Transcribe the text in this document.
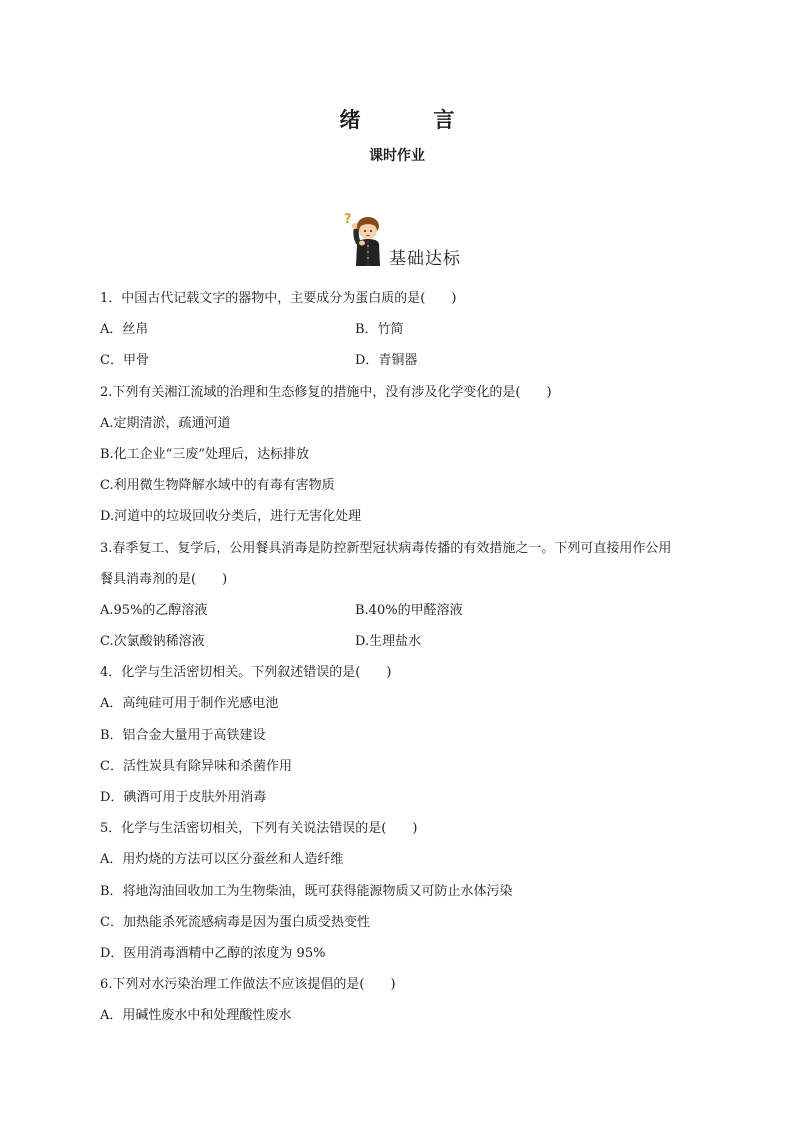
绪　言
课时作业
?
基础达标
1．中国古代记载文字的器物中，主要成分为蛋白质的是(　　)
A．丝帛	B．竹简
C．甲骨	D．青铜器
2.下列有关湘江流域的治理和生态修复的措施中，没有涉及化学变化的是(　　)
A.定期清淤，疏通河道
B.化工企业“三废”处理后，达标排放
C.利用微生物降解水域中的有毒有害物质
D.河道中的垃圾回收分类后，进行无害化处理
3.春季复工、复学后，公用餐具消毒是防控新型冠状病毒传播的有效措施之一。下列可直接用作公用
餐具消毒剂的是(　　)
A.95%的乙醇溶液	B.40%的甲醛溶液
C.次氯酸钠稀溶液	D.生理盐水
4．化学与生活密切相关。下列叙述错误的是(　　)
A．高纯硅可用于制作光感电池
B．铝合金大量用于高铁建设
C．活性炭具有除异味和杀菌作用
D．碘酒可用于皮肤外用消毒
5．化学与生活密切相关，下列有关说法错误的是(　　)
A．用灼烧的方法可以区分蚕丝和人造纤维
B．将地沟油回收加工为生物柴油，既可获得能源物质又可防止水体污染
C．加热能杀死流感病毒是因为蛋白质受热变性
D．医用消毒酒精中乙醇的浓度为 95%
6.下列对水污染治理工作做法不应该提倡的是(　　)
A．用碱性废水中和处理酸性废水
